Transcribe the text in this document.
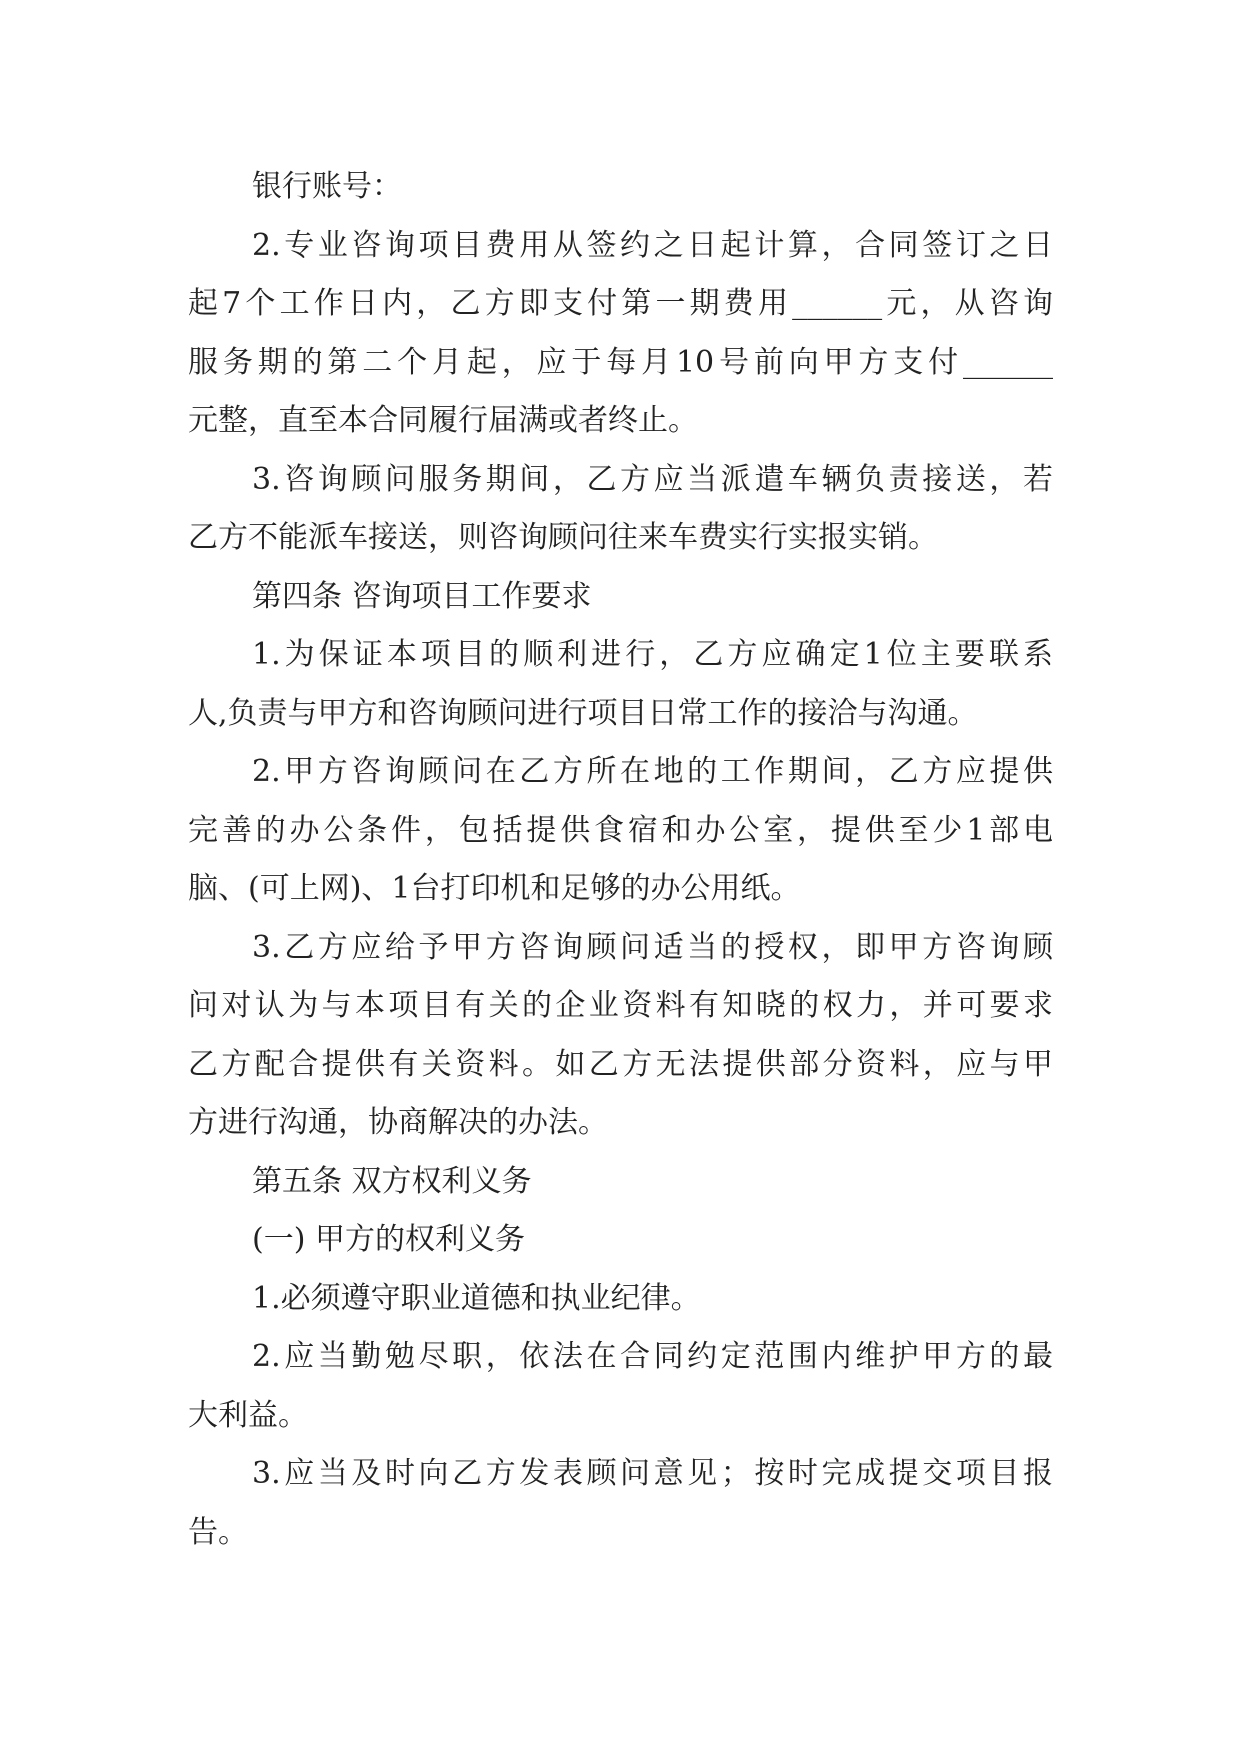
银行账号：
2.专业咨询项目费用从签约之日起计算，合同签订之日
起7个工作日内，乙方即支付第一期费用______元，从咨询
服务期的第二个月起，应于每月10号前向甲方支付______
元整，直至本合同履行届满或者终止。
3.咨询顾问服务期间，乙方应当派遣车辆负责接送，若
乙方不能派车接送，则咨询顾问往来车费实行实报实销。
第四条 咨询项目工作要求
1.为保证本项目的顺利进行，乙方应确定1位主要联系
人,负责与甲方和咨询顾问进行项目日常工作的接洽与沟通。
2.甲方咨询顾问在乙方所在地的工作期间，乙方应提供
完善的办公条件，包括提供食宿和办公室，提供至少1部电
脑、(可上网)、1台打印机和足够的办公用纸。
3.乙方应给予甲方咨询顾问适当的授权，即甲方咨询顾
问对认为与本项目有关的企业资料有知晓的权力，并可要求
乙方配合提供有关资料。如乙方无法提供部分资料，应与甲
方进行沟通，协商解决的办法。
第五条 双方权利义务
(一) 甲方的权利义务
1.必须遵守职业道德和执业纪律。
2.应当勤勉尽职，依法在合同约定范围内维护甲方的最
大利益。
3.应当及时向乙方发表顾问意见；按时完成提交项目报
告。
